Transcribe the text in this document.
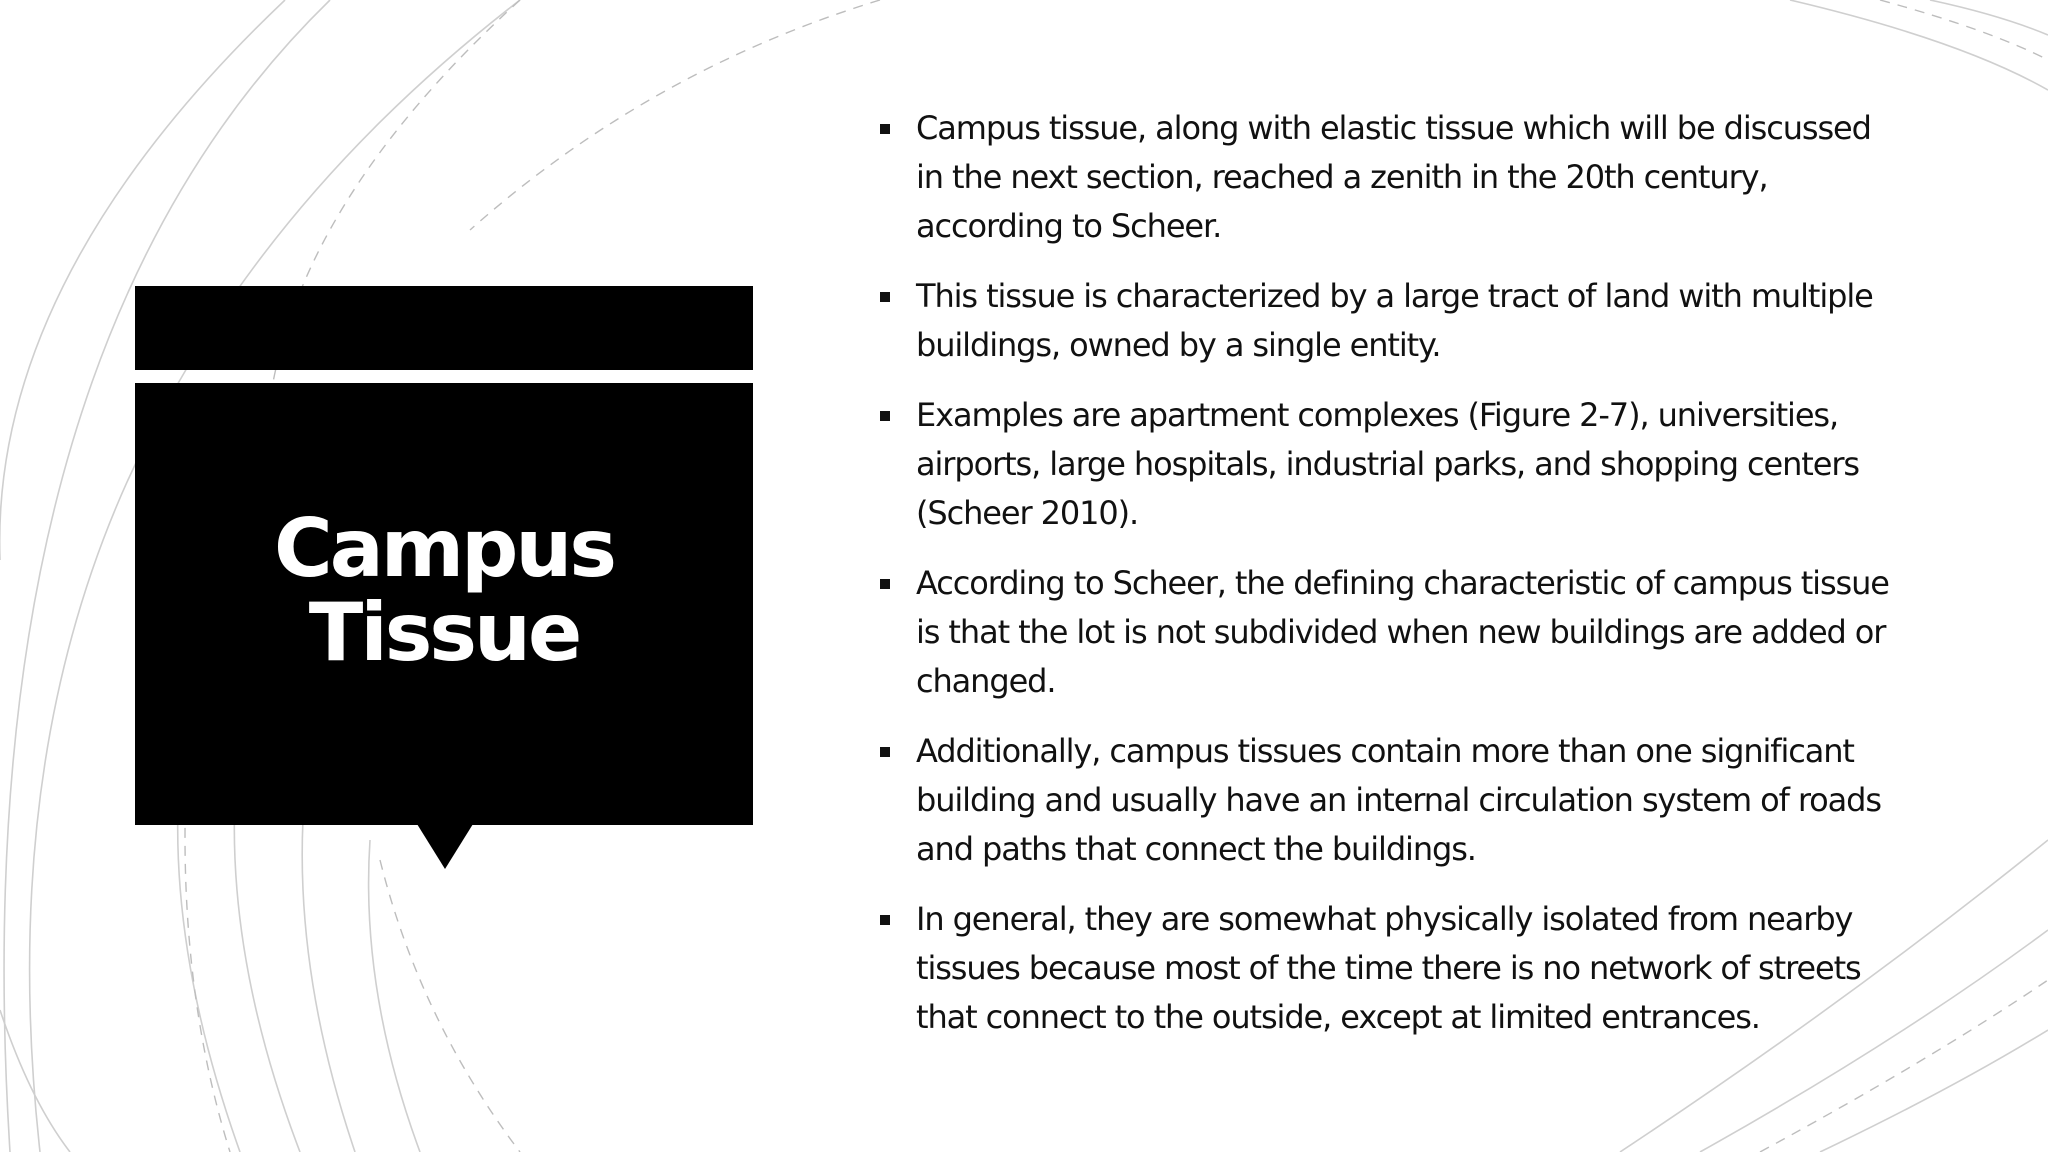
Campus
Tissue
Campus tissue, along with elastic tissue which will be discussed in the next section, reached a zenith in the 20th century, according to Scheer.
This tissue is characterized by a large tract of land with multiple buildings, owned by a single entity.
Examples are apartment complexes (Figure 2-7), universities, airports, large hospitals, industrial parks, and shopping centers (Scheer 2010).
According to Scheer, the defining characteristic of campus tissue is that the lot is not subdivided when new buildings are added or changed.
Additionally, campus tissues contain more than one significant building and usually have an internal circulation system of roads and paths that connect the buildings.
In general, they are somewhat physically isolated from nearby tissues because most of the time there is no network of streets that connect to the outside, except at limited entrances.
